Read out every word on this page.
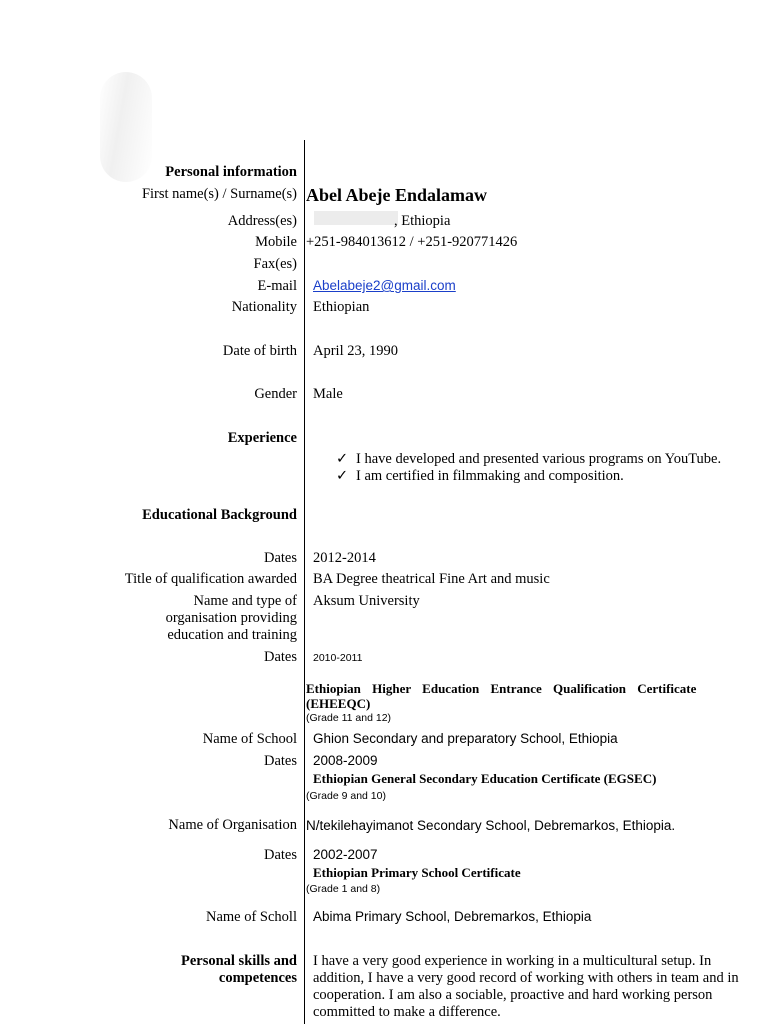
Personal information
First name(s) / Surname(s) Abel Abeje Endalamaw
Address(es)	, Ethiopia
Mobile +251-984013612 / +251-920771426
Fax(es)
E-mail Abelabeje2@gmail.com
Nationality Ethiopian
Date of birth April 23, 1990
Gender Male
Experience
✓ I have developed and presented various programs on YouTube.
✓ I am certified in filmmaking and composition.
Educational Background
Dates 2012-2014
Title of qualification awarded BA Degree theatrical Fine Art and music
Name and type of
organisation providing
education and training
Aksum University
Dates 2010-2011
Ethiopian Higher Education Entrance Qualification Certificate
(EHEEQC)
(Grade 11 and 12)
Name of School Ghion Secondary and preparatory School, Ethiopia
Dates 2008-2009
Ethiopian General Secondary Education Certificate (EGSEC)
(Grade 9 and 10)
Name of Organisation N/tekilehayimanot Secondary School, Debremarkos, Ethiopia.
Dates 2002-2007
Ethiopian Primary School Certificate
(Grade 1 and 8)
Name of Scholl Abima Primary School, Debremarkos, Ethiopia
Personal skills and
competences
I have a very good experience in working in a multicultural setup. In
addition, I have a very good record of working with others in team and in
cooperation. I am also a sociable, proactive and hard working person
committed to make a difference.
